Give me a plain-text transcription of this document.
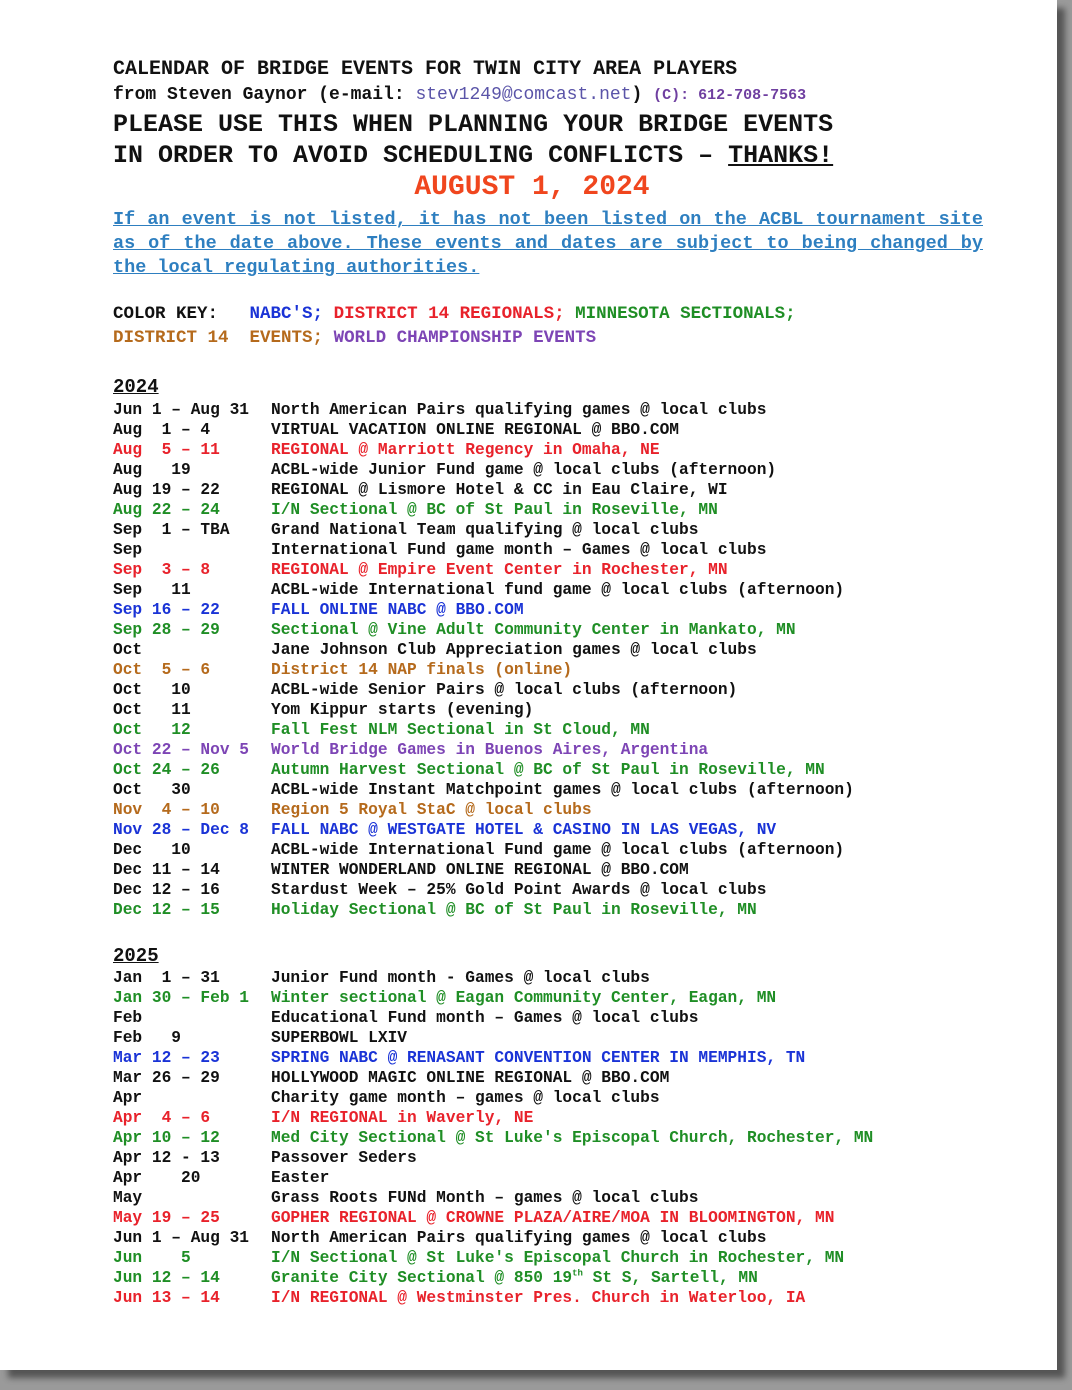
CALENDAR OF BRIDGE EVENTS FOR TWIN CITY AREA PLAYERS
from Steven Gaynor (e-mail: stev1249@comcast.net) (C): 612-708-7563
PLEASE USE THIS WHEN PLANNING YOUR BRIDGE EVENTS
IN ORDER TO AVOID SCHEDULING CONFLICTS – THANKS!
AUGUST 1, 2024
If an event is not listed, it has not been listed on the ACBL tournament site as of the date above. These events and dates are subject to being changed by the local regulating authorities.
COLOR KEY: NABC'S; DISTRICT 14 REGIONALS; MINNESOTA SECTIONALS;
DISTRICT 14  EVENTS; WORLD CHAMPIONSHIP EVENTS
2024
Jun 1 – Aug 31 North American Pairs qualifying games @ local clubs
Aug  1 – 4	VIRTUAL VACATION ONLINE REGIONAL @ BBO.COM
Aug  5 – 11	REGIONAL @ Marriott Regency in Omaha, NE
Aug   19	ACBL-wide Junior Fund game @ local clubs (afternoon)
Aug 19 – 22	REGIONAL @ Lismore Hotel & CC in Eau Claire, WI
Aug 22 – 24	I/N Sectional @ BC of St Paul in Roseville, MN
Sep  1 – TBA	Grand National Team qualifying @ local clubs
Sep	International Fund game month – Games @ local clubs
Sep  3 – 8	REGIONAL @ Empire Event Center in Rochester, MN
Sep   11	ACBL-wide International fund game @ local clubs (afternoon)
Sep 16 – 22	FALL ONLINE NABC @ BBO.COM
Sep 28 – 29	Sectional @ Vine Adult Community Center in Mankato, MN
Oct	Jane Johnson Club Appreciation games @ local clubs
Oct  5 – 6	District 14 NAP finals (online)
Oct   10	ACBL-wide Senior Pairs @ local clubs (afternoon)
Oct   11	Yom Kippur starts (evening)
Oct   12	Fall Fest NLM Sectional in St Cloud, MN
Oct 22 – Nov 5 World Bridge Games in Buenos Aires, Argentina
Oct 24 – 26	Autumn Harvest Sectional @ BC of St Paul in Roseville, MN
Oct   30	ACBL-wide Instant Matchpoint games @ local clubs (afternoon)
Nov  4 – 10	Region 5 Royal StaC @ local clubs
Nov 28 – Dec 8 FALL NABC @ WESTGATE HOTEL & CASINO IN LAS VEGAS, NV
Dec   10	ACBL-wide International Fund game @ local clubs (afternoon)
Dec 11 – 14	WINTER WONDERLAND ONLINE REGIONAL @ BBO.COM
Dec 12 – 16	Stardust Week – 25% Gold Point Awards @ local clubs
Dec 12 – 15	Holiday Sectional @ BC of St Paul in Roseville, MN
2025
Jan  1 – 31	Junior Fund month - Games @ local clubs
Jan 30 – Feb 1 Winter sectional @ Eagan Community Center, Eagan, MN
Feb	Educational Fund month – Games @ local clubs
Feb   9	SUPERBOWL LXIV
Mar 12 – 23	SPRING NABC @ RENASANT CONVENTION CENTER IN MEMPHIS, TN
Mar 26 – 29	HOLLYWOOD MAGIC ONLINE REGIONAL @ BBO.COM
Apr	Charity game month – games @ local clubs
Apr  4 – 6	I/N REGIONAL in Waverly, NE
Apr 10 – 12	Med City Sectional @ St Luke's Episcopal Church, Rochester, MN
Apr 12 - 13	Passover Seders
Apr    20	Easter
May	Grass Roots FUNd Month – games @ local clubs
May 19 – 25	GOPHER REGIONAL @ CROWNE PLAZA/AIRE/MOA IN BLOOMINGTON, MN
Jun 1 – Aug 31 North American Pairs qualifying games @ local clubs
Jun    5	I/N Sectional @ St Luke's Episcopal Church in Rochester, MN
Jun 12 – 14	Granite City Sectional @ 850 19th St S, Sartell, MN
Jun 13 – 14	I/N REGIONAL @ Westminster Pres. Church in Waterloo, IA
